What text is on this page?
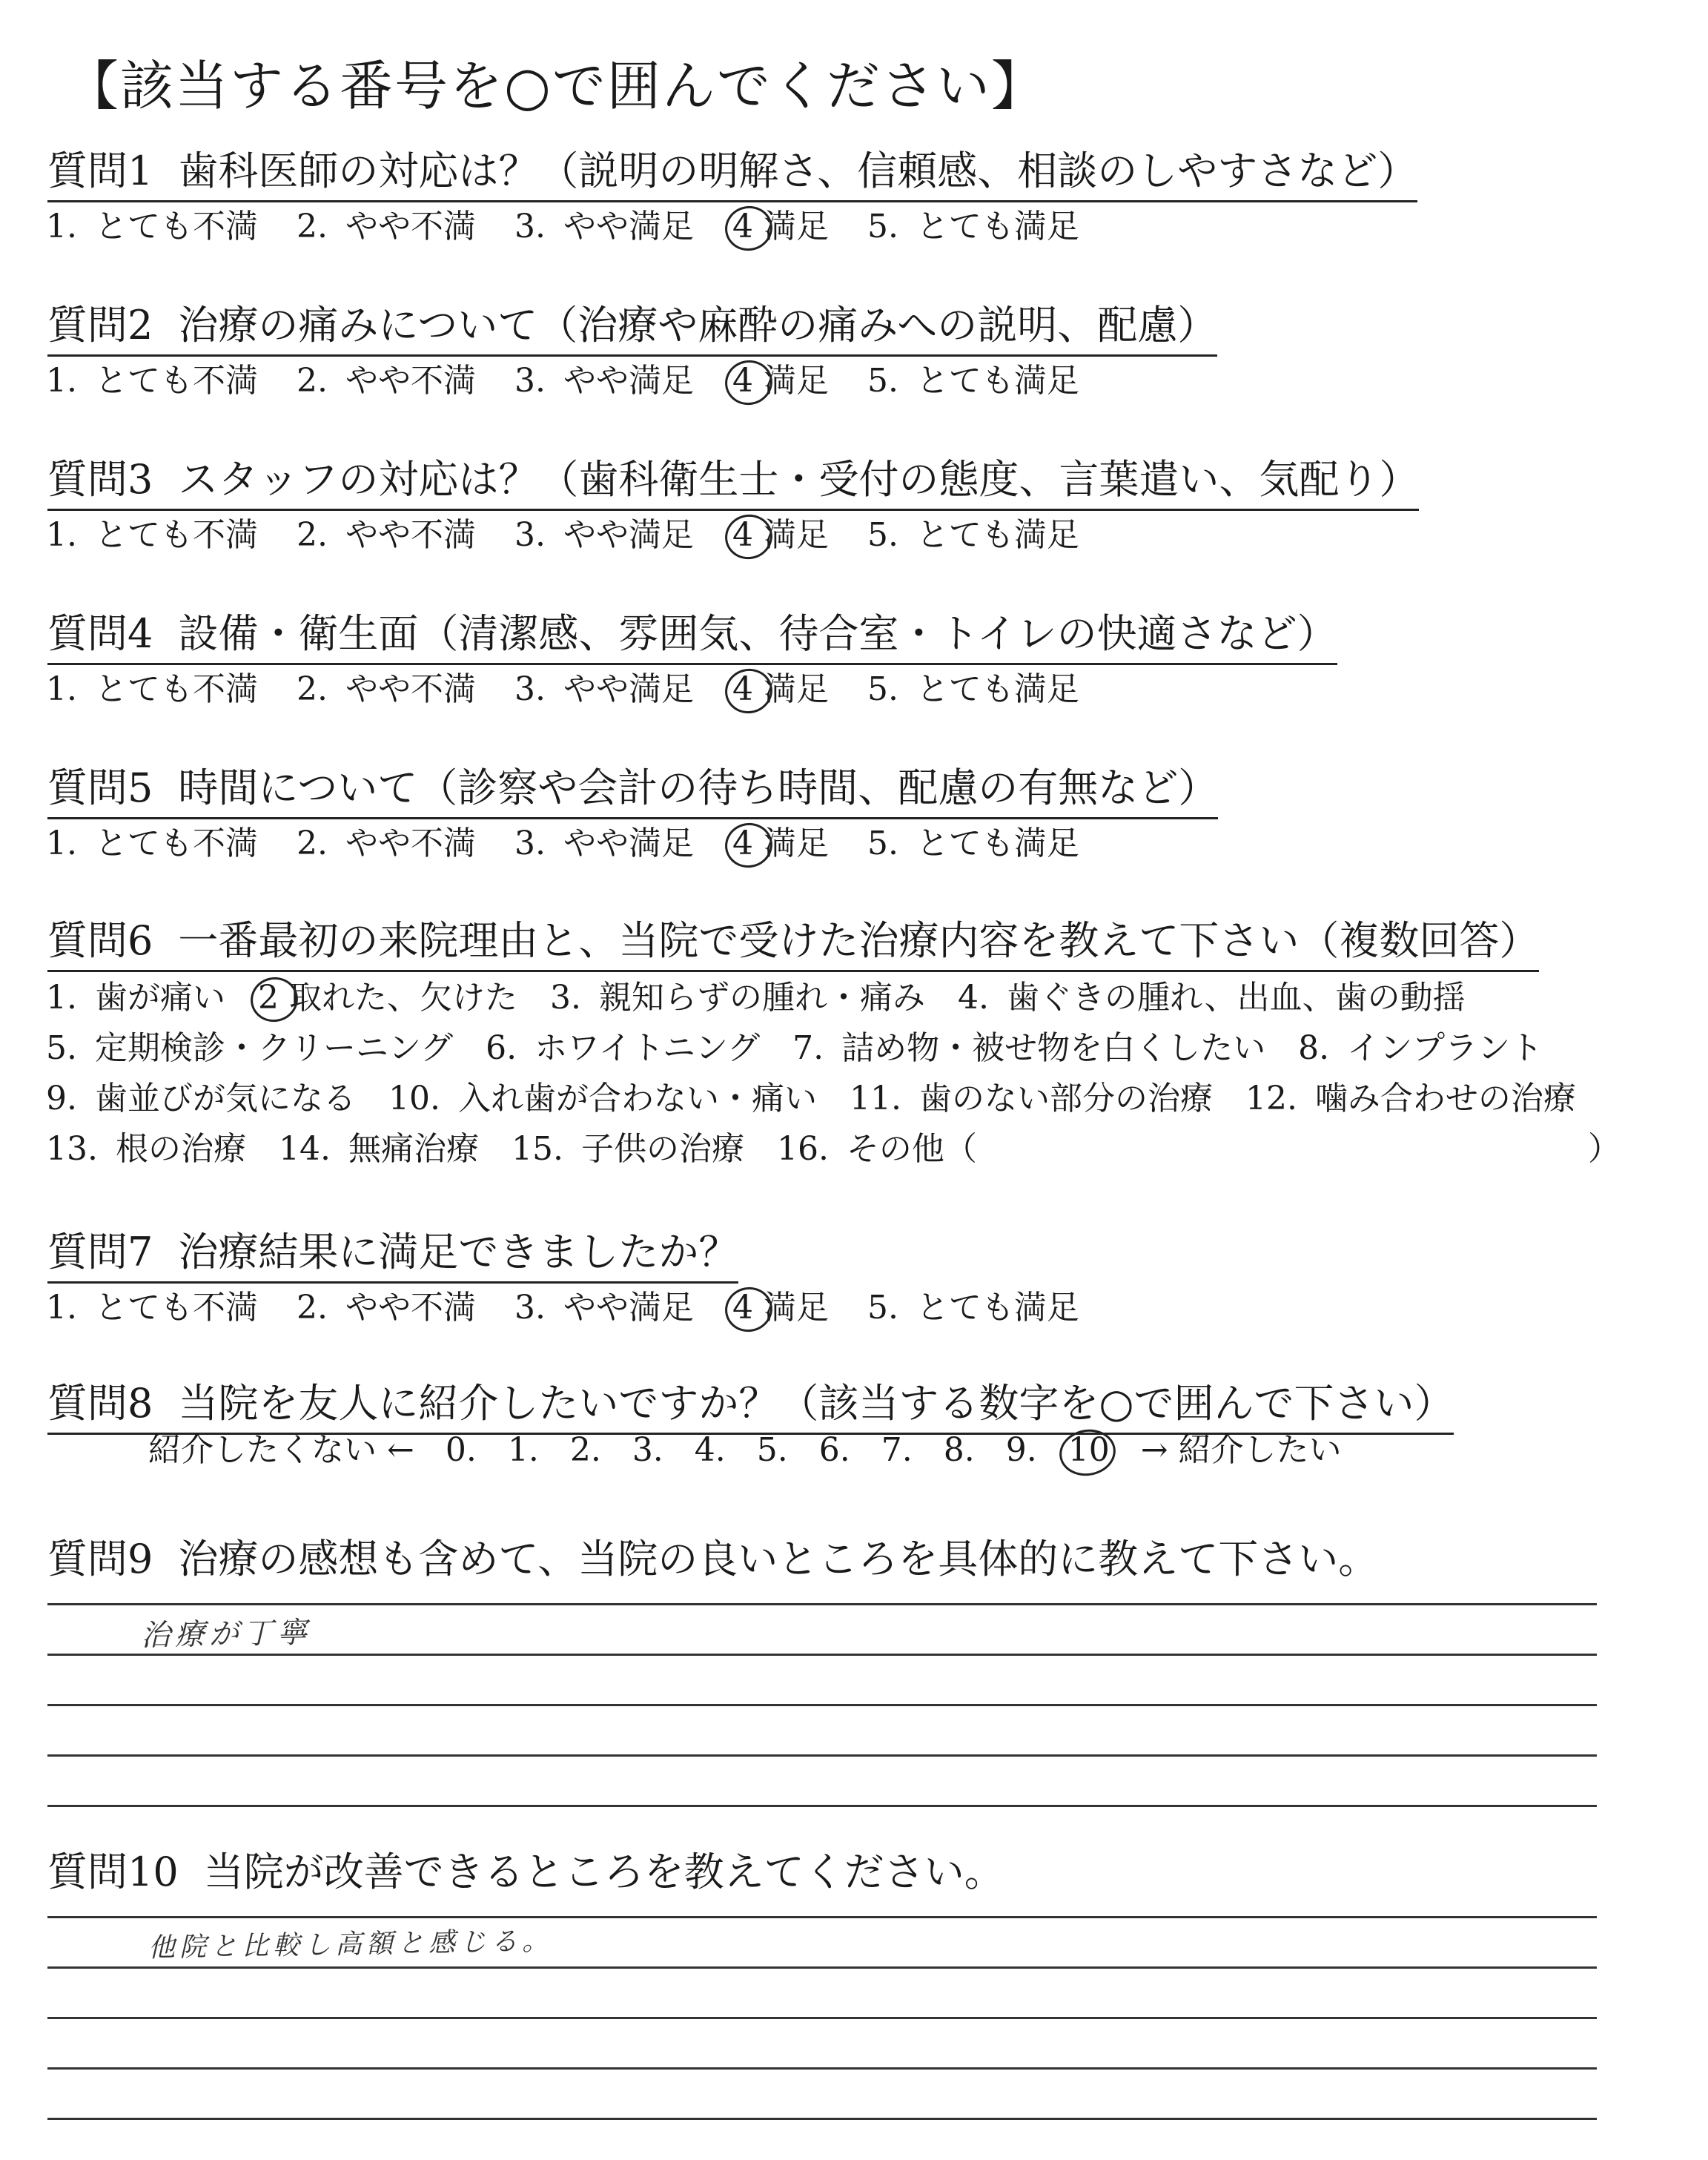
【該当する番号を○で囲んでください】
質問1 歯科医師の対応は？（説明の明解さ、信頼感、相談のしやすさなど）
1. とても不満 2. やや不満 3. やや満足 4 満足 5. とても満足
質問2 治療の痛みについて（治療や麻酔の痛みへの説明、配慮）
1. とても不満 2. やや不満 3. やや満足 4 満足 5. とても満足
質問3 スタッフの対応は？（歯科衛生士・受付の態度、言葉遣い、気配り）
1. とても不満 2. やや不満 3. やや満足 4 満足 5. とても満足
質問4 設備・衛生面（清潔感、雰囲気、待合室・トイレの快適さなど）
1. とても不満 2. やや不満 3. やや満足 4 満足 5. とても満足
質問5 時間について（診察や会計の待ち時間、配慮の有無など）
1. とても不満 2. やや不満 3. やや満足 4 満足 5. とても満足
質問6 一番最初の来院理由と、当院で受けた治療内容を教えて下さい（複数回答）
1. 歯が痛い 2 取れた、欠けた 3. 親知らずの腫れ・痛み 4. 歯ぐきの腫れ、出血、歯の動揺
5. 定期検診・クリーニング 6. ホワイトニング 7. 詰め物・被せ物を白くしたい 8. インプラント
9. 歯並びが気になる 10. 入れ歯が合わない・痛い 11. 歯のない部分の治療 12. 噛み合わせの治療
13. 根の治療 14. 無痛治療 15. 子供の治療 16. その他（	）
質問7 治療結果に満足できましたか？
1. とても不満 2. やや不満 3. やや満足 4 満足 5. とても満足
質問8 当院を友人に紹介したいですか？（該当する数字を○で囲んで下さい）
紹介したくない ← 0. 1. 2. 3. 4. 5. 6. 7. 8. 9. 10 → 紹介したい
質問9 治療の感想も含めて、当院の良いところを具体的に教えて下さい。
治療が丁寧
質問10 当院が改善できるところを教えてください。
他院と比較し高額と感じる。
